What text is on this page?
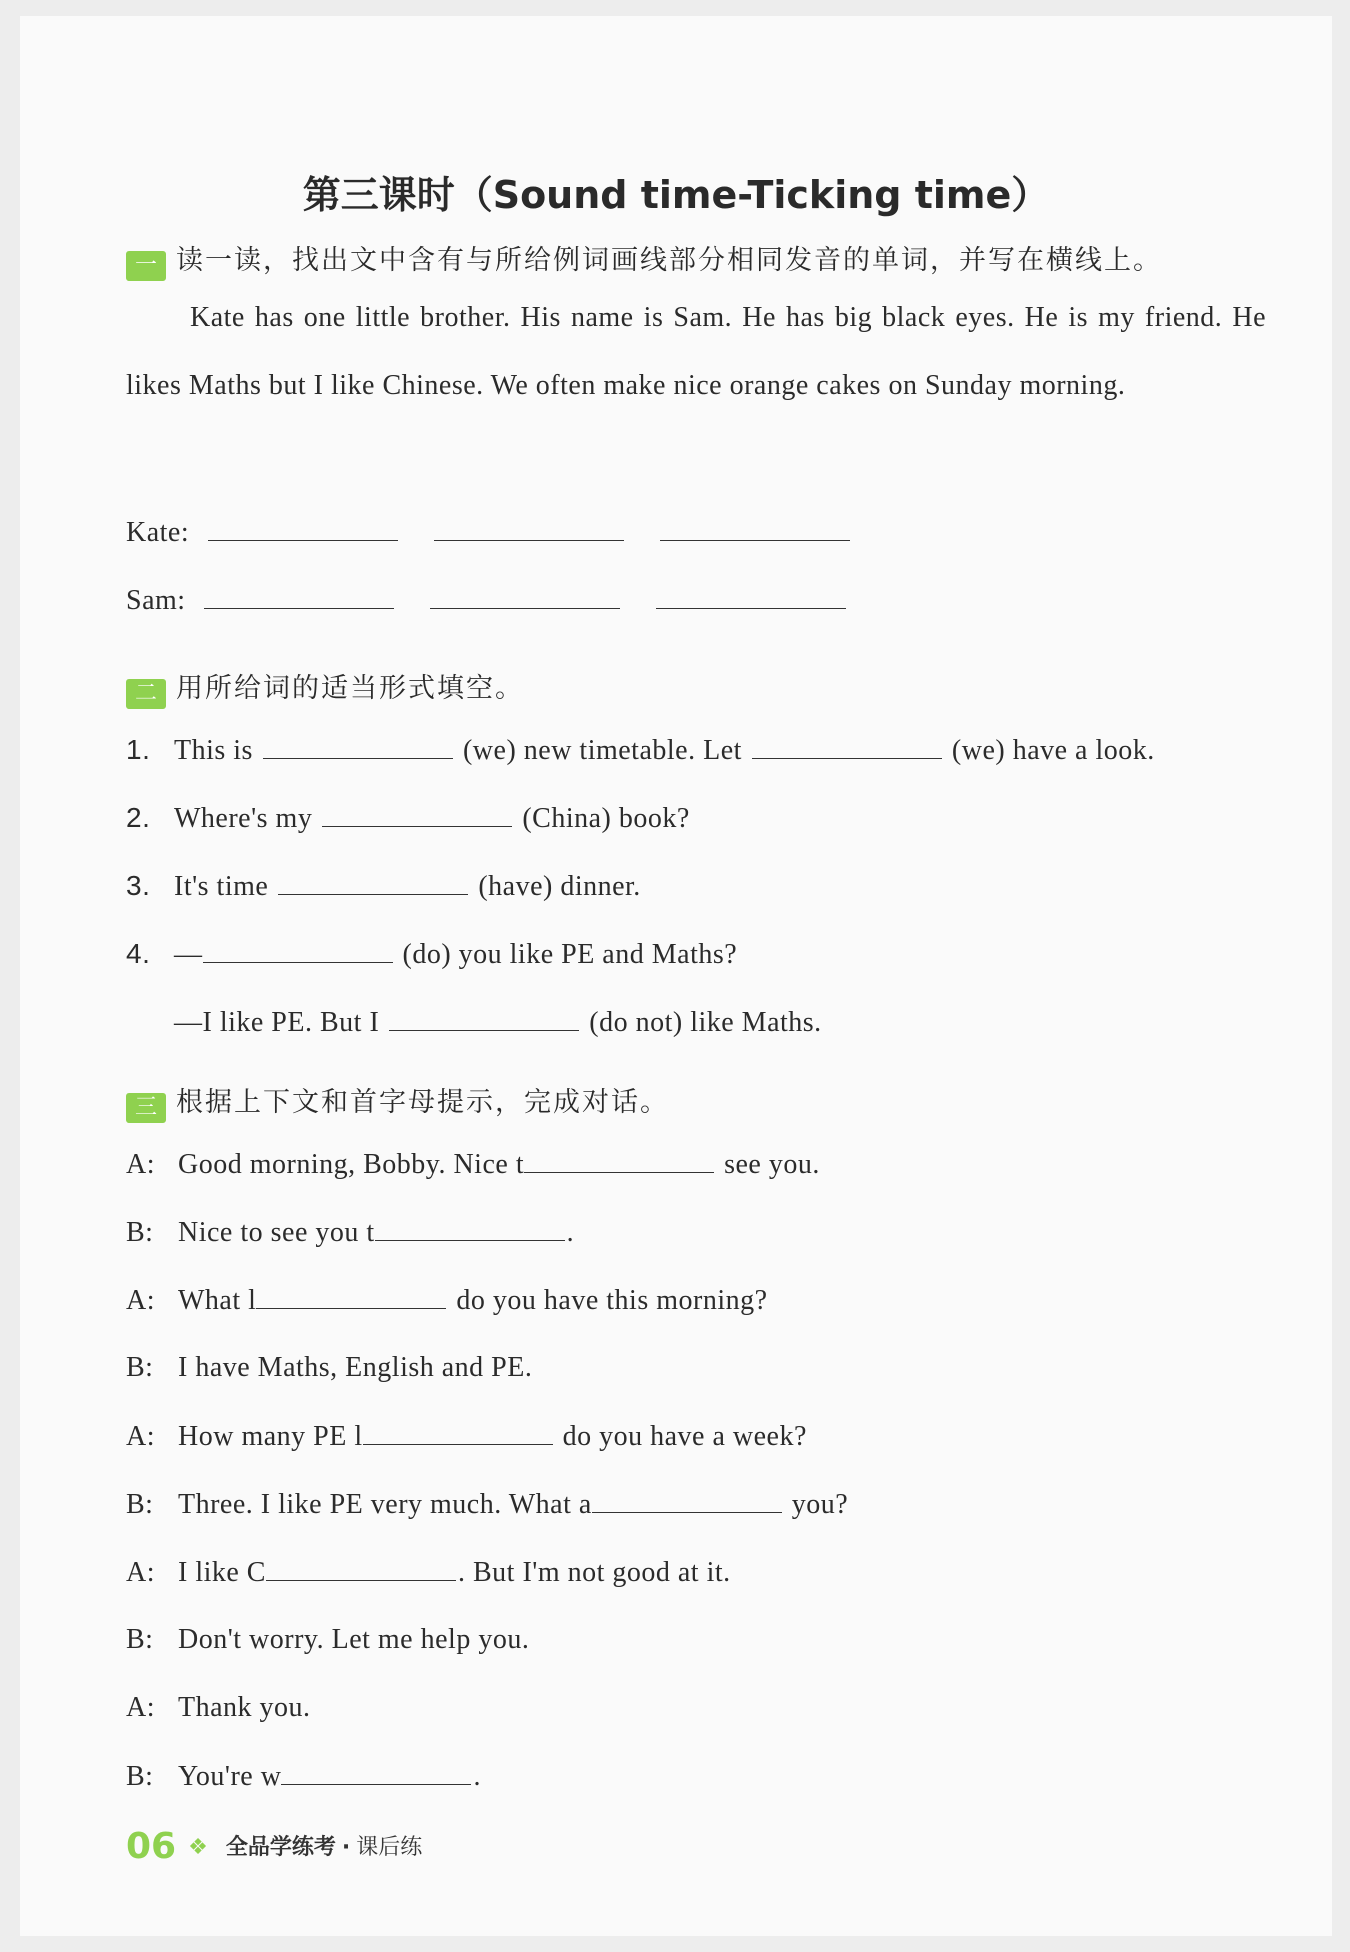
第三课时（Sound time-Ticking time）
一 读一读，找出文中含有与所给例词画线部分相同发音的单词，并写在横线上。
Kate has one little brother. His name is Sam. He has big black eyes. He is my friend. He likes Maths but I like Chinese. We often make nice orange cakes on Sunday morning.
Kate:
Sam:
二 用所给词的适当形式填空。
1. This is	(we) new timetable. Let	(we) have a look.
2. Where's my	(China) book?
3. It's time	(have) dinner.
4. —	(do) you like PE and Maths?
—I like PE. But I	(do not) like Maths.
三 根据上下文和首字母提示，完成对话。
A: Good morning, Bobby. Nice t	see you.
B: Nice to see you t	.
A: What l	do you have this morning?
B: I have Maths, English and PE.
A: How many PE l	do you have a week?
B: Three. I like PE very much. What a	you?
A: I like C	. But I'm not good at it.
B: Don't worry. Let me help you.
A: Thank you.
B: You're w	.
06 ❖ 全品学练考 · 课后练
